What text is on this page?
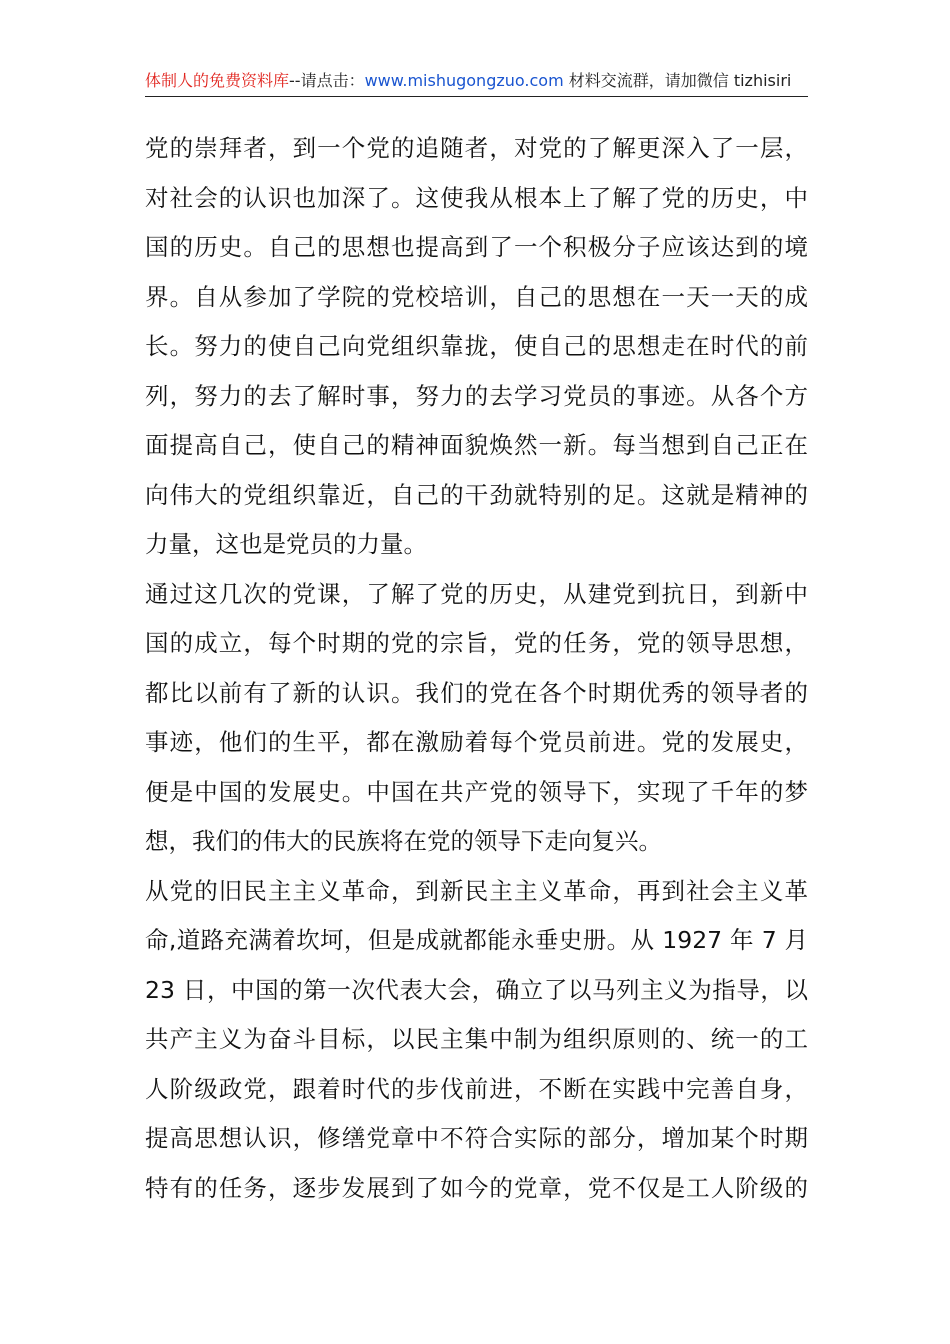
体制人的免费资料库--请点击：www.mishugongzuo.com 材料交流群，请加微信 tizhisiri
党的崇拜者，到一个党的追随者，对党的了解更深入了一层，
对社会的认识也加深了。这使我从根本上了解了党的历史，中
国的历史。自己的思想也提高到了一个积极分子应该达到的境
界。自从参加了学院的党校培训，自己的思想在一天一天的成
长。努力的使自己向党组织靠拢，使自己的思想走在时代的前
列，努力的去了解时事，努力的去学习党员的事迹。从各个方
面提高自己，使自己的精神面貌焕然一新。每当想到自己正在
向伟大的党组织靠近，自己的干劲就特别的足。这就是精神的
力量，这也是党员的力量。
通过这几次的党课，了解了党的历史，从建党到抗日，到新中
国的成立，每个时期的党的宗旨，党的任务，党的领导思想，
都比以前有了新的认识。我们的党在各个时期优秀的领导者的
事迹，他们的生平，都在激励着每个党员前进。党的发展史，
便是中国的发展史。中国在共产党的领导下，实现了千年的梦
想，我们的伟大的民族将在党的领导下走向复兴。
从党的旧民主主义革命，到新民主主义革命，再到社会主义革
命,道路充满着坎坷，但是成就都能永垂史册。从 1927 年 7 月
23 日，中国的第一次代表大会，确立了以马列主义为指导，以
共产主义为奋斗目标，以民主集中制为组织原则的、统一的工
人阶级政党，跟着时代的步伐前进，不断在实践中完善自身，
提高思想认识，修缮党章中不符合实际的部分，增加某个时期
特有的任务，逐步发展到了如今的党章，党不仅是工人阶级的
